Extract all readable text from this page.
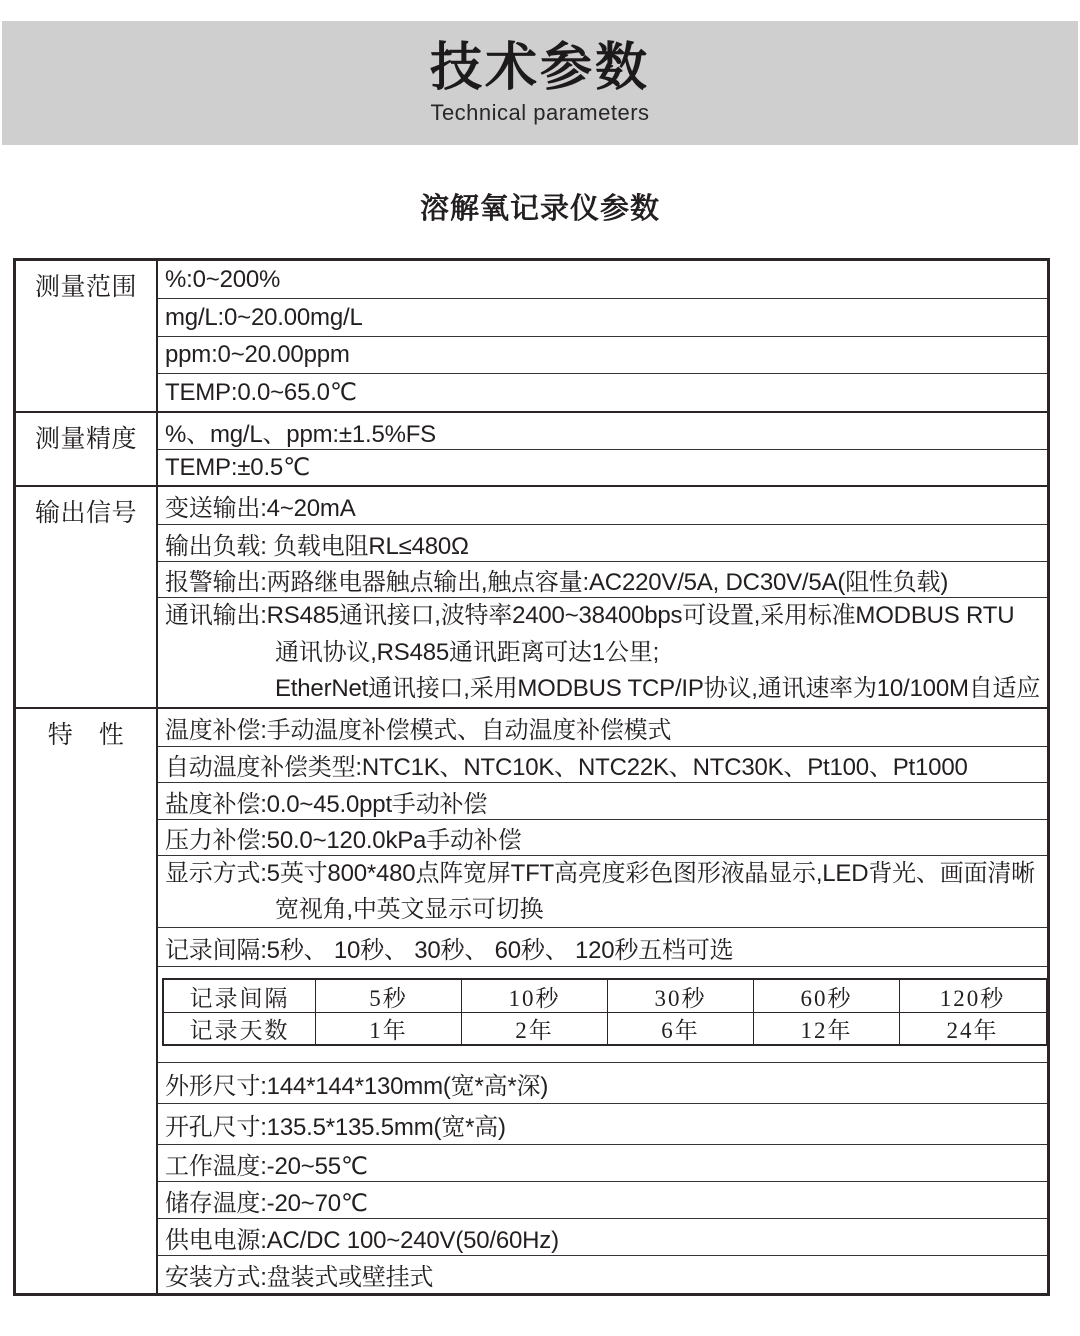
技术参数
Technical parameters
溶解氧记录仪参数
测量范围	%:0~200%
mg/L:0~20.00mg/L
ppm:0~20.00ppm
TEMP:0.0~65.0℃
测量精度	%、mg/L、ppm:±1.5%FS
TEMP:±0.5℃
输出信号	变送输出:4~20mA
输出负载: 负载电阻RL≤480Ω
报警输出:两路继电器触点输出,触点容量:AC220V/5A, DC30V/5A(阻性负载)
通讯输出:RS485通讯接口,波特率2400~38400bps可设置,采用标准MODBUS RTU
通讯协议,RS485通讯距离可达1公里;
EtherNet通讯接口,采用MODBUS TCP/IP协议,通讯速率为10/100M自适应
特　性	温度补偿:手动温度补偿模式、自动温度补偿模式
自动温度补偿类型:NTC1K、NTC10K、NTC22K、NTC30K、Pt100、Pt1000
盐度补偿:0.0~45.0ppt手动补偿
压力补偿:50.0~120.0kPa手动补偿
显示方式:5英寸800*480点阵宽屏TFT高亮度彩色图形液晶显示,LED背光、画面清晰
宽视角,中英文显示可切换
记录间隔:5秒、 10秒、 30秒、 60秒、 120秒五档可选
记录间隔	5秒	10秒	30秒	60秒	120秒
记录天数	1年	2年	6年	12年	24年
外形尺寸:144*144*130mm(宽*高*深)
开孔尺寸:135.5*135.5mm(宽*高)
工作温度:-20~55℃
储存温度:-20~70℃
供电电源:AC/DC 100~240V(50/60Hz)
安装方式:盘装式或壁挂式
